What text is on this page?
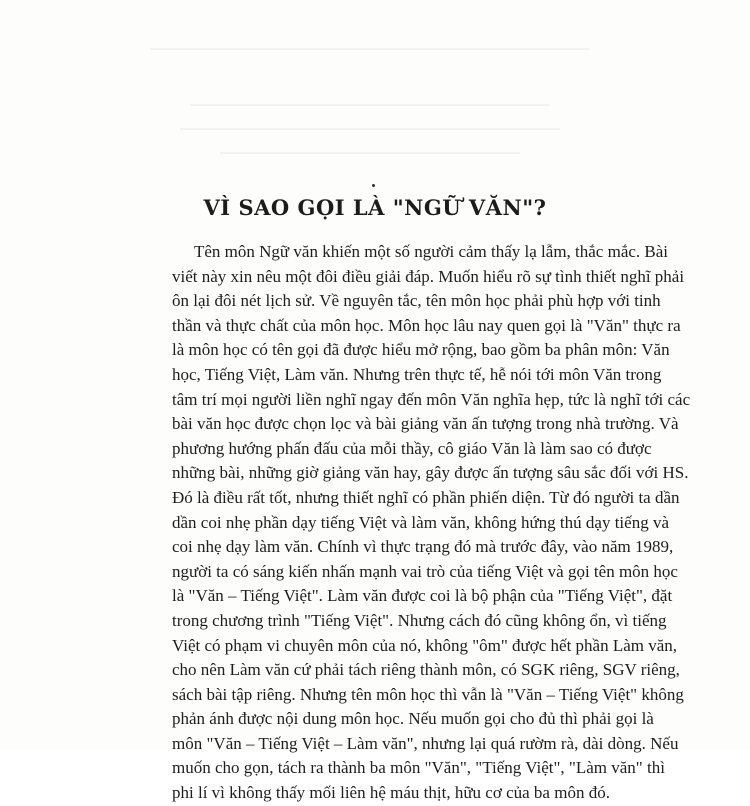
VÌ SAO GỌI LÀ "NGỮ VĂN"?
Tên môn Ngữ văn khiến một số người cảm thấy lạ lẫm, thắc mắc. Bài
viết này xin nêu một đôi điều giải đáp. Muốn hiểu rõ sự tình thiết nghĩ phải
ôn lại đôi nét lịch sử. Về nguyên tắc, tên môn học phải phù hợp với tinh
thần và thực chất của môn học. Môn học lâu nay quen gọi là "Văn" thực ra
là môn học có tên gọi đã được hiểu mở rộng, bao gồm ba phân môn: Văn
học, Tiếng Việt, Làm văn. Nhưng trên thực tế, hễ nói tới môn Văn trong
tâm trí mọi người liền nghĩ ngay đến môn Văn nghĩa hẹp, tức là nghĩ tới các
bài văn học được chọn lọc và bài giảng văn ấn tượng trong nhà trường. Và
phương hướng phấn đấu của mỗi thầy, cô giáo Văn là làm sao có được
những bài, những giờ giảng văn hay, gây được ấn tượng sâu sắc đối với HS.
Đó là điều rất tốt, nhưng thiết nghĩ có phần phiến diện. Từ đó người ta dần
dần coi nhẹ phần dạy tiếng Việt và làm văn, không hứng thú dạy tiếng và
coi nhẹ dạy làm văn. Chính vì thực trạng đó mà trước đây, vào năm 1989,
người ta có sáng kiến nhấn mạnh vai trò của tiếng Việt và gọi tên môn học
là "Văn – Tiếng Việt". Làm văn được coi là bộ phận của "Tiếng Việt", đặt
trong chương trình "Tiếng Việt". Nhưng cách đó cũng không ổn, vì tiếng
Việt có phạm vi chuyên môn của nó, không "ôm" được hết phần Làm văn,
cho nên Làm văn cứ phải tách riêng thành môn, có SGK riêng, SGV riêng,
sách bài tập riêng. Nhưng tên môn học thì vẫn là "Văn – Tiếng Việt" không
phản ánh được nội dung môn học. Nếu muốn gọi cho đủ thì phải gọi là
môn "Văn – Tiếng Việt – Làm văn", nhưng lại quá rườm rà, dài dòng. Nếu
muốn cho gọn, tách ra thành ba môn "Văn", "Tiếng Việt", "Làm văn" thì
phi lí vì không thấy mối liên hệ máu thịt, hữu cơ của ba môn đó.
